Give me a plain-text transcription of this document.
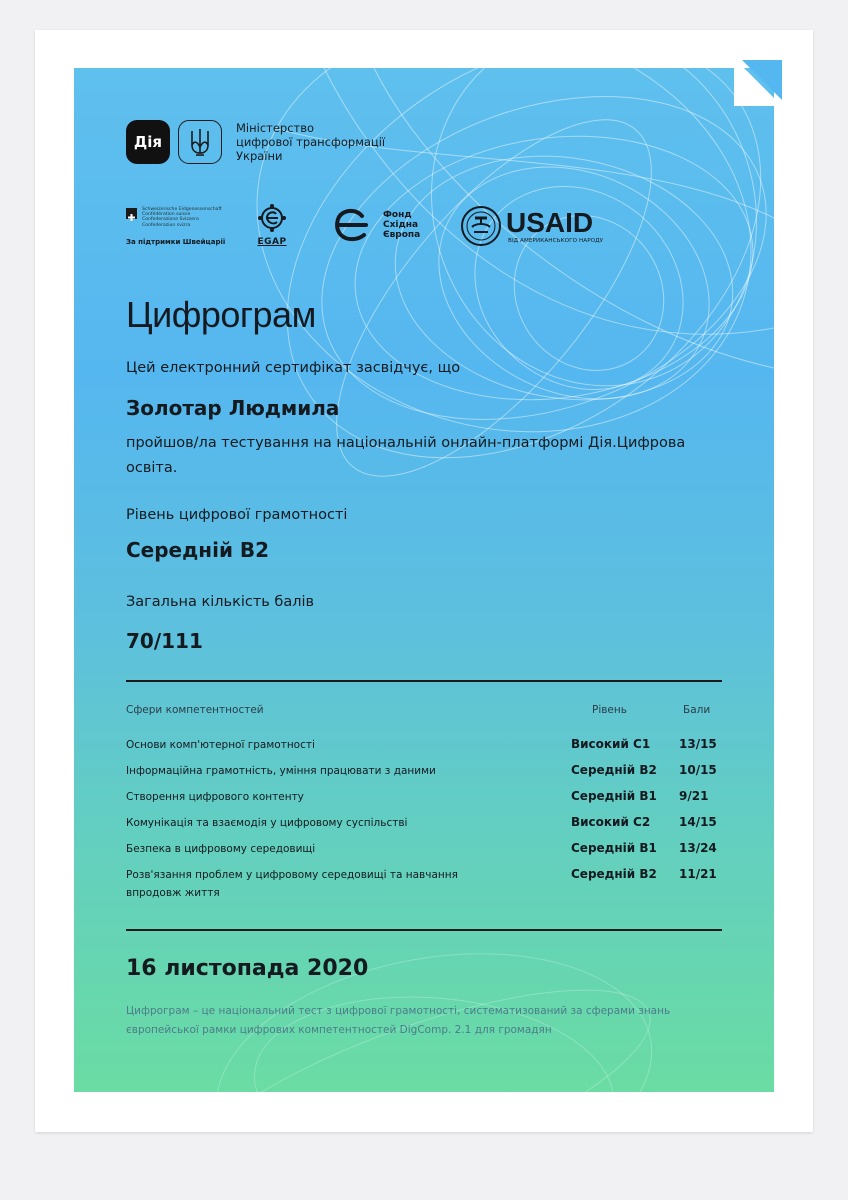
Дія
Міністерство
цифрової трансформації
України
Schweizerische Eidgenossenschaft
Confédération suisse
Confederazione Svizzera
Confederaziun svizra
За підтримки Швейцарії	EGAP
Фонд
Східна
Європа	USAID
ВІД АМЕРИКАНСЬКОГО НАРОДУ
Цифрограм
Цей електронний сертифікат засвідчує, що
Золотар Людмила
пройшов/ла тестування на національній онлайн-платформі Дія.Цифрова освіта.
Рівень цифрової грамотності
Середній B2
Загальна кількість балів
70/111
Сфери компетентностей	Рівень	Бали
Основи комп'ютерної грамотності	Високий C1 13/15
Інформаційна грамотність, уміння працювати з даними	Середній B2 10/15
Створення цифрового контенту	Середній B1 9/21
Комунікація та взаємодія у цифровому суспільстві	Високий C2 14/15
Безпека в цифровому середовищі	Середній B1 13/24
Розв'язання проблем у цифровому середовищі та навчання впродовж життя
Середній B2 11/21
16 листопада 2020
Цифрограм – це національний тест з цифрової грамотності, систематизований за сферами знань європейської рамки цифрових компетентностей DigComp. 2.1 для громадян
